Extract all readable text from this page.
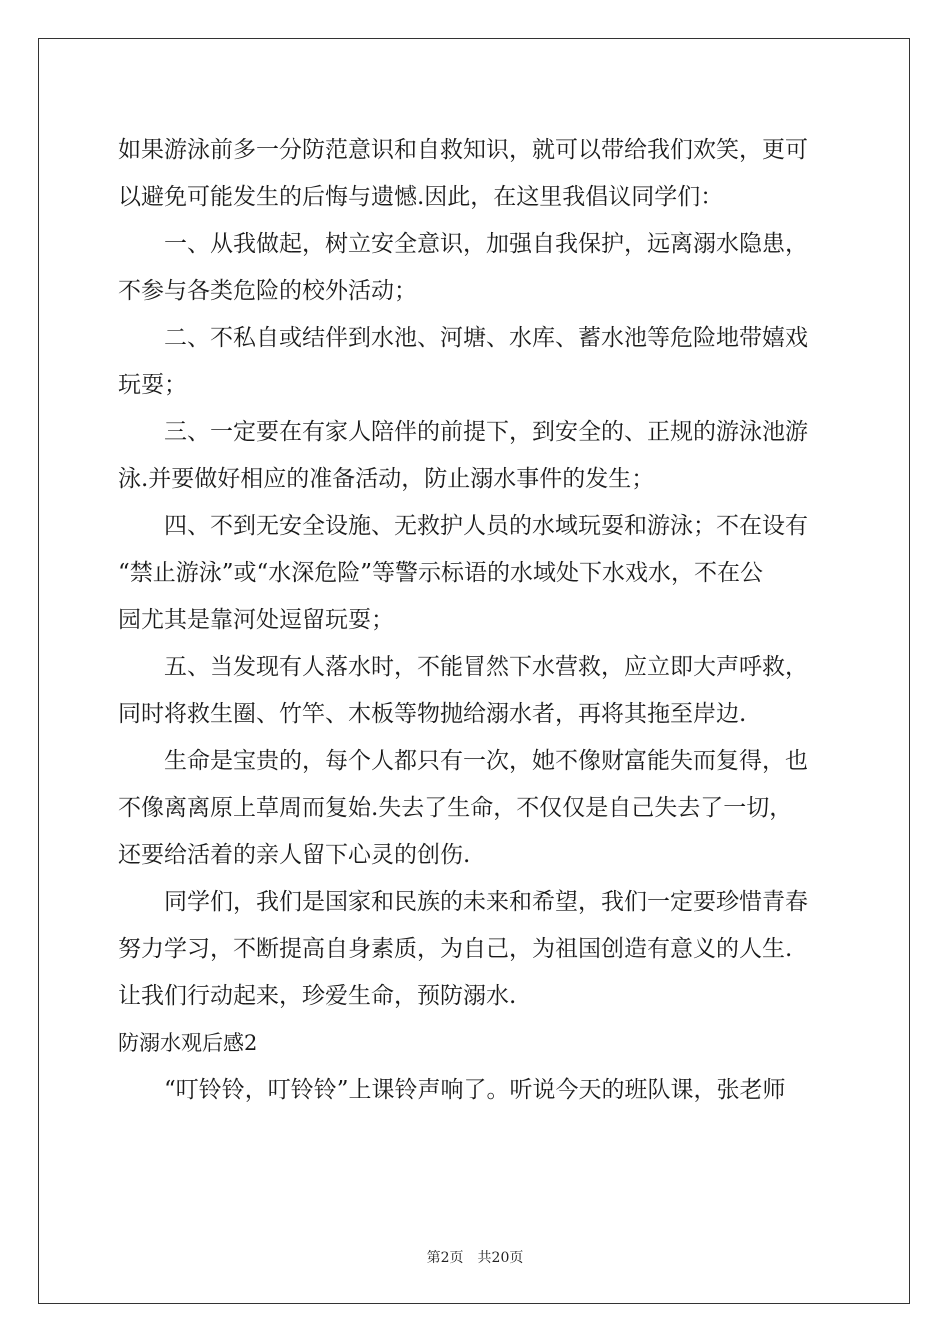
如果游泳前多一分防范意识和自救知识，就可以带给我们欢笑，更可
以避免可能发生的后悔与遗憾.因此，在这里我倡议同学们：
一、从我做起，树立安全意识，加强自我保护，远离溺水隐患，
不参与各类危险的校外活动；
二、不私自或结伴到水池、河塘、水库、蓄水池等危险地带嬉戏
玩耍；
三、一定要在有家人陪伴的前提下，到安全的、正规的游泳池游
泳.并要做好相应的准备活动，防止溺水事件的发生；
四、不到无安全设施、无救护人员的水域玩耍和游泳；不在设有
“禁止游泳”或“水深危险”等警示标语的水域处下水戏水，不在公
园尤其是靠河处逗留玩耍；
五、当发现有人落水时，不能冒然下水营救，应立即大声呼救，
同时将救生圈、竹竿、木板等物抛给溺水者，再将其拖至岸边.
生命是宝贵的，每个人都只有一次，她不像财富能失而复得，也
不像离离原上草周而复始.失去了生命，不仅仅是自己失去了一切，
还要给活着的亲人留下心灵的创伤.
同学们，我们是国家和民族的未来和希望，我们一定要珍惜青春
努力学习，不断提高自身素质，为自己，为祖国创造有意义的人生.
让我们行动起来，珍爱生命，预防溺水.
防溺水观后感2
“叮铃铃，叮铃铃”上课铃声响了。听说今天的班队课，张老师
第2页 共20页
